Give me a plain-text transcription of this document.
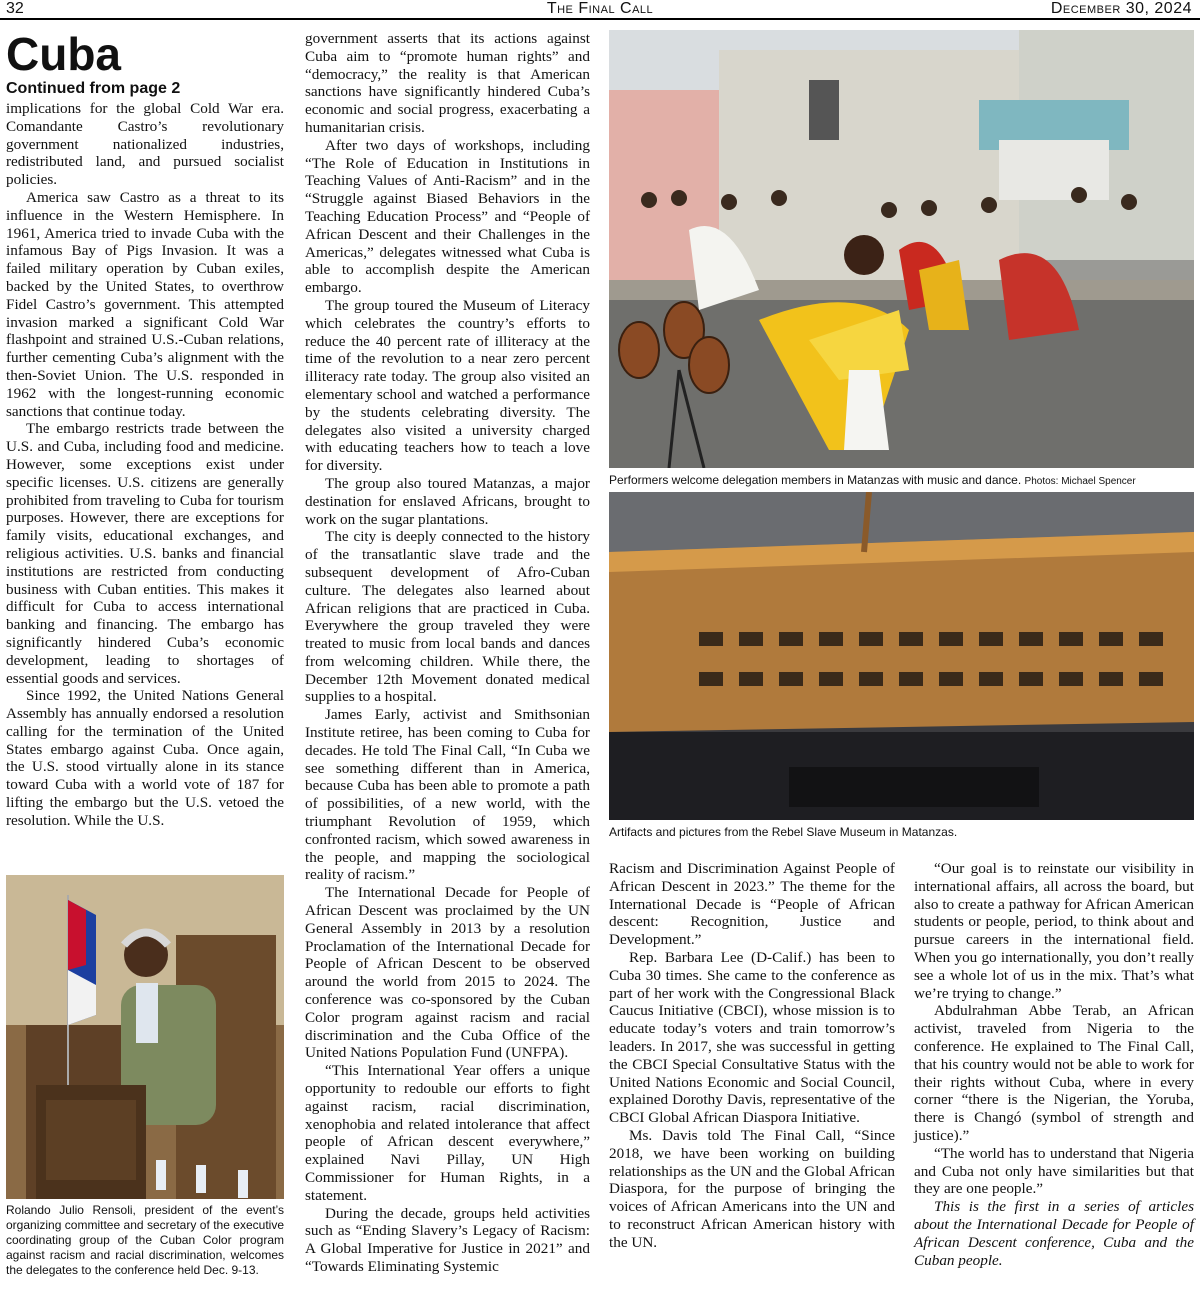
32	The Final Call	December 30, 2024
Cuba
Continued from page 2

implications for the global Cold War era. Comandante Castro’s revolutionary government nationalized industries, redistributed land, and pursued socialist policies.

America saw Castro as a threat to its influence in the Western Hemisphere. In 1961, America tried to invade Cuba with the infamous Bay of Pigs Invasion. It was a failed military operation by Cuban exiles, backed by the United States, to overthrow Fidel Castro’s government. This attempted invasion marked a significant Cold War flashpoint and strained U.S.-Cuban relations, further cementing Cuba’s alignment with the then-Soviet Union. The U.S. responded in 1962 with the longest-running economic sanctions that continue today.

The embargo restricts trade between the U.S. and Cuba, including food and medicine. However, some exceptions exist under specific licenses. U.S. citizens are generally prohibited from traveling to Cuba for tourism purposes. However, there are exceptions for family visits, educational exchanges, and religious activities. U.S. banks and financial institutions are restricted from conducting business with Cuban entities. This makes it difficult for Cuba to access international banking and financing. The embargo has significantly hindered Cuba’s economic development, leading to shortages of essential goods and services.

Since 1992, the United Nations General Assembly has annually endorsed a resolution calling for the termination of the United States embargo against Cuba. Once again, the U.S. stood virtually alone in its stance toward Cuba with a world vote of 187 for lifting the embargo but the U.S. vetoed the resolution. While the U.S.

Rolando Julio Rensoli, president of the event’s organizing committee and secretary of the executive coordinating group of the Cuban Color program against racism and racial discrimination, welcomes the delegates to the conference held Dec. 9-13.

government asserts that its actions against Cuba aim to “promote human rights” and “democracy,” the reality is that American sanctions have significantly hindered Cuba’s economic and social progress, exacerbating a humanitarian crisis.

After two days of workshops, including “The Role of Education in Institutions in Teaching Values of Anti-Racism” and in the “Struggle against Biased Behaviors in the Teaching Education Process” and “People of African Descent and their Challenges in the Americas,” delegates witnessed what Cuba is able to accomplish despite the American embargo.

The group toured the Museum of Literacy which celebrates the country’s efforts to reduce the 40 percent rate of illiteracy at the time of the revolution to a near zero percent illiteracy rate today. The group also visited an elementary school and watched a performance by the students celebrating diversity. The delegates also visited a university charged with educating teachers how to teach a love for diversity.

The group also toured Matanzas, a major destination for enslaved Africans, brought to work on the sugar plantations.

The city is deeply connected to the history of the transatlantic slave trade and the subsequent development of Afro-Cuban culture. The delegates also learned about African religions that are practiced in Cuba. Everywhere the group traveled they were treated to music from local bands and dances from welcoming children. While there, the December 12th Movement donated medical supplies to a hospital.

James Early, activist and Smithsonian Institute retiree, has been coming to Cuba for decades. He told The Final Call, “In Cuba we see something different than in America, because Cuba has been able to promote a path of possibilities, of a new world, with the triumphant Revolution of 1959, which confronted racism, which sowed awareness in the people, and mapping the sociological reality of racism.”

The International Decade for People of African Descent was proclaimed by the UN General Assembly in 2013 by a resolution Proclamation of the International Decade for People of African Descent to be observed around the world from 2015 to 2024. The conference was co-sponsored by the Cuban Color program against racism and racial discrimination and the Cuba Office of the United Nations Population Fund (UNFPA).

“This International Year offers a unique opportunity to redouble our efforts to fight against racism, racial discrimination, xenophobia and related intolerance that affect people of African descent everywhere,” explained Navi Pillay, UN High Commissioner for Human Rights, in a statement.

During the decade, groups held activities such as “Ending Slavery’s Legacy of Racism: A Global Imperative for Justice in 2021” and “Towards Eliminating Systemic

Performers welcome delegation members in Matanzas with music and dance. Photos: Michael Spencer
Artifacts and pictures from the Rebel Slave Museum in Matanzas.

Racism and Discrimination Against People of African Descent in 2023.” The theme for the International Decade is “People of African descent: Recognition, Justice and Development.”

Rep. Barbara Lee (D-Calif.) has been to Cuba 30 times. She came to the conference as part of her work with the Congressional Black Caucus Initiative (CBCI), whose mission is to educate today’s voters and train tomorrow’s leaders. In 2017, she was successful in getting the CBCI Special Consultative Status with the United Nations Economic and Social Council, explained Dorothy Davis, representative of the CBCI Global African Diaspora Initiative.

Ms. Davis told The Final Call, “Since 2018, we have been working on building relationships as the UN and the Global African Diaspora, for the purpose of bringing the voices of African Americans into the UN and to reconstruct African American history with the UN.

“Our goal is to reinstate our visibility in international affairs, all across the board, but also to create a pathway for African American students or people, period, to think about and pursue careers in the international field. When you go internationally, you don’t really see a whole lot of us in the mix. That’s what we’re trying to change.”

Abdulrahman Abbe Terab, an African activist, traveled from Nigeria to the conference. He explained to The Final Call, that his country would not be able to work for their rights without Cuba, where in every corner “there is the Nigerian, the Yoruba, there is Changó (symbol of strength and justice).”

“The world has to understand that Nigeria and Cuba not only have similarities but that they are one people.”

This is the first in a series of articles about the International Decade for People of African Descent conference, Cuba and the Cuban people.
